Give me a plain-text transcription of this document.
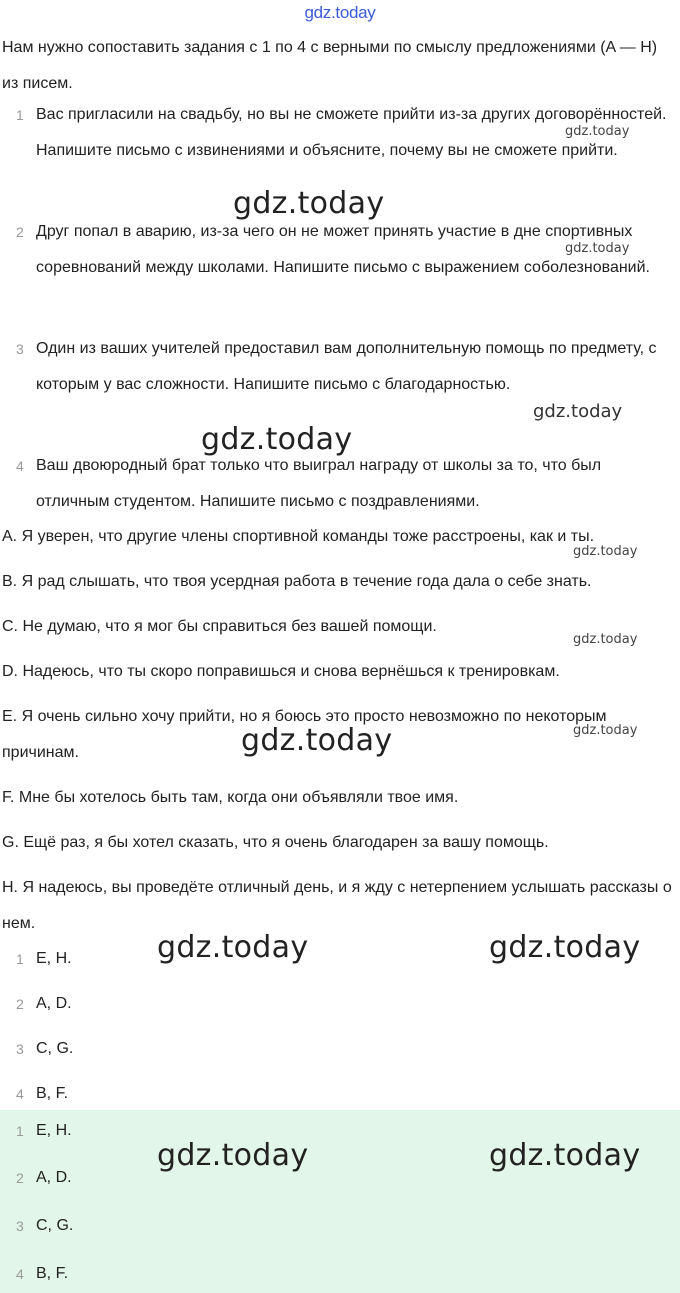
gdz.today
Нам нужно сопоставить задания с 1 по 4 с верными по смыслу предложениями (A — H) из писем.
1 Вас пригласили на свадьбу, но вы не сможете прийти из-за других договорённостей. Напишите письмо с извинениями и объясните, почему вы не сможете прийти.
2 Друг попал в аварию, из-за чего он не может принять участие в дне спортивных соревнований между школами. Напишите письмо с выражением соболезнований.
3 Один из ваших учителей предоставил вам дополнительную помощь по предмету, с которым у вас сложности. Напишите письмо с благодарностью.
4 Ваш двоюродный брат только что выиграл награду от школы за то, что был отличным студентом. Напишите письмо с поздравлениями.
A. Я уверен, что другие члены спортивной команды тоже расстроены, как и ты.
B. Я рад слышать, что твоя усердная работа в течение года дала о себе знать.
C. Не думаю, что я мог бы справиться без вашей помощи.
D. Надеюсь, что ты скоро поправишься и снова вернёшься к тренировкам.
E. Я очень сильно хочу прийти, но я боюсь это просто невозможно по некоторым причинам.
F. Мне бы хотелось быть там, когда они объявляли твое имя.
G. Ещё раз, я бы хотел сказать, что я очень благодарен за вашу помощь.
H. Я надеюсь, вы проведёте отличный день, и я жду с нетерпением услышать рассказы о нем.
1 E, H.
2 A, D.
3 C, G.
4 B, F.
1 E, H.
2 A, D.
3 C, G.
4 B, F.
gdz.today
gdz.today
gdz.today
gdz.today
gdz.today
gdz.today
gdz.today
gdz.today
gdz.today
gdz.today	gdz.today
gdz.today	gdz.today
